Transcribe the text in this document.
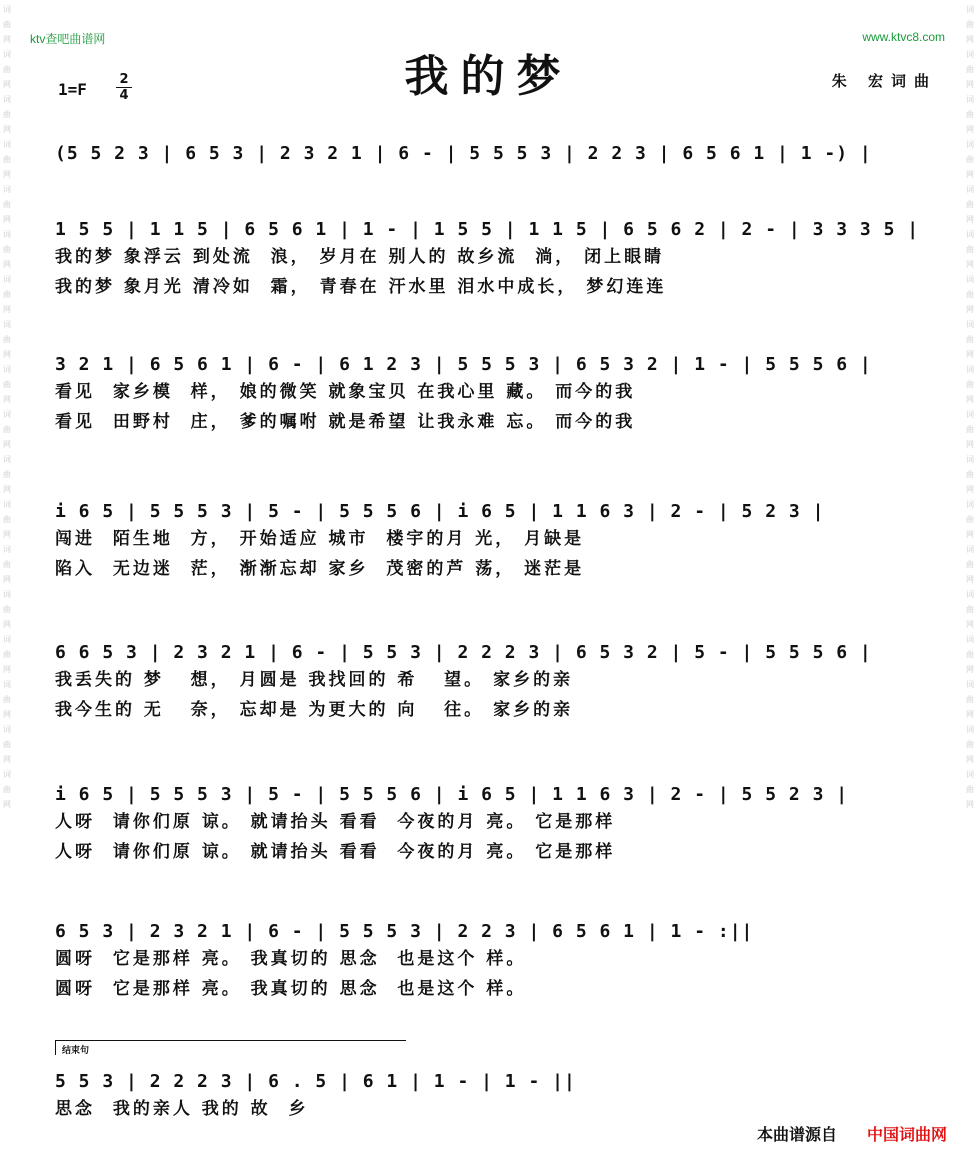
ktv查吧曲谱网	www.ktvc8.com
词
曲
网
词
曲
网
词
曲
网
词
曲
网
词
曲
网
词
曲
网
词
曲
网
词
曲
网
词
曲
网
词
曲
网
词
曲
网
词
曲
网
词
曲
网
词
曲
网
词
曲
网
词
曲
网
词
曲
网
词
曲
网
词
曲
网
词
曲
网
词
曲
网
词
曲
网
词
曲
网
词
曲
网
词
曲
网
词
曲
网
词
曲
网
词
曲
网
词
曲
网
词
曲
网
词
曲
网
词
曲
网
词
曲
网
词
曲
网
词
曲
网
词
曲
网
我的梦
1=F
2
4
朱 宏词曲
(5 5 2 3 | 6 5 3 | 2 3 2 1 | 6 - | 5 5 5 3 | 2 2 3 | 6 5 6 1 | 1 -) |
1 5 5 | 1 1 5 | 6 5 6 1 | 1 - | 1 5 5 | 1 1 5 | 6 5 6 2 | 2 - | 3 3 3 5 |
我的梦 象浮云 到处流  浪， 岁月在 别人的 故乡流  淌， 闭上眼睛
我的梦 象月光 清冷如  霜， 青春在 汗水里 泪水中成长， 梦幻连连
3 2 1 | 6 5 6 1 | 6 - | 6 1 2 3 | 5 5 5 3 | 6 5 3 2 | 1 - | 5 5 5 6 |
看见  家乡模  样， 娘的微笑 就象宝贝 在我心里 藏。 而今的我
看见  田野村  庄， 爹的嘱咐 就是希望 让我永难 忘。 而今的我
i 6 5 | 5 5 5 3 | 5 - | 5 5 5 6 | i 6 5 | 1 1 6 3 | 2 - | 5 2 3 |
闯进  陌生地  方， 开始适应 城市  楼宇的月 光， 月缺是
陷入  无边迷  茫， 渐渐忘却 家乡  茂密的芦 荡， 迷茫是
6 6 5 3 | 2 3 2 1 | 6 - | 5 5 3 | 2 2 2 3 | 6 5 3 2 | 5 - | 5 5 5 6 |
我丢失的 梦   想， 月圆是 我找回的 希   望。 家乡的亲
我今生的 无   奈， 忘却是 为更大的 向   往。 家乡的亲
i 6 5 | 5 5 5 3 | 5 - | 5 5 5 6 | i 6 5 | 1 1 6 3 | 2 - | 5 5 2 3 |
人呀  请你们原 谅。 就请抬头 看看  今夜的月 亮。 它是那样
人呀  请你们原 谅。 就请抬头 看看  今夜的月 亮。 它是那样
6 5 3 | 2 3 2 1 | 6 - | 5 5 5 3 | 2 2 3 | 6 5 6 1 | 1 - :||
圆呀  它是那样 亮。 我真切的 思念  也是这个 样。
圆呀  它是那样 亮。 我真切的 思念  也是这个 样。
结束句
5 5 3 | 2 2 2 3 | 6 . 5 | 6 1 | 1 - | 1 - ||
思念  我的亲人 我的 故  乡
本曲谱源自 中国词曲网
